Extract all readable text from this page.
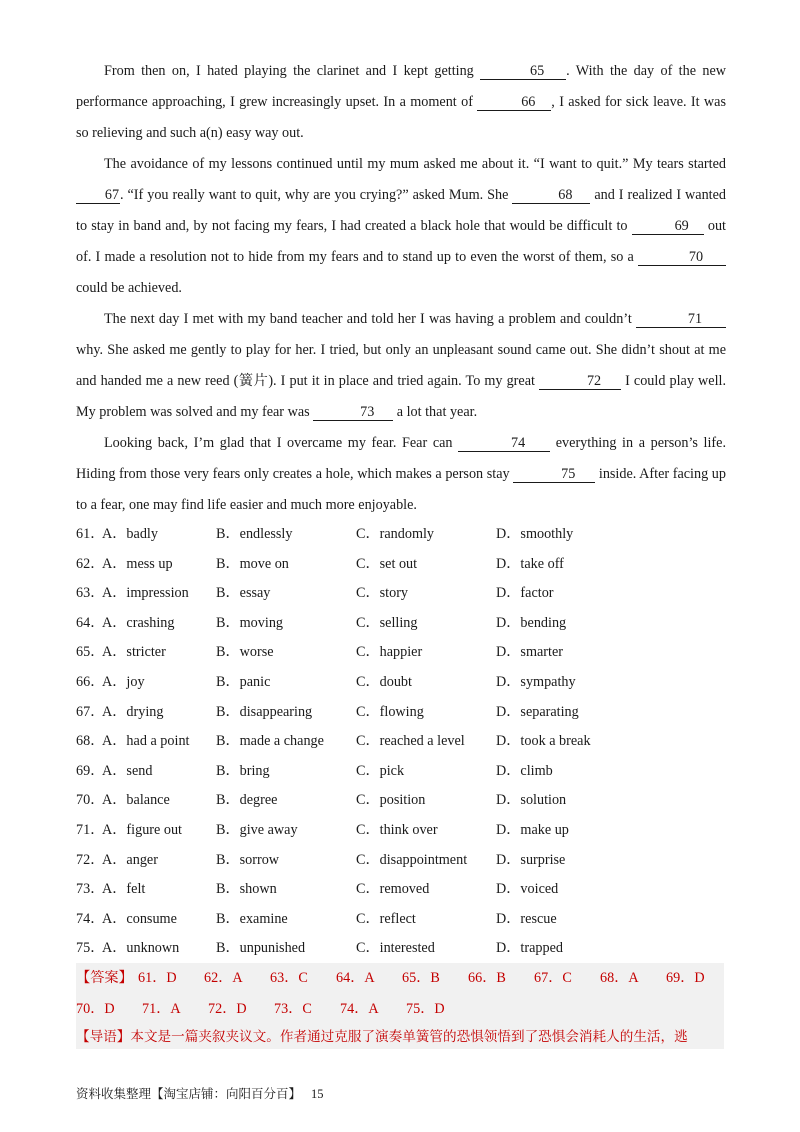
From then on, I hated playing the clarinet and I kept getting	65 . With the day of the new performance approaching, I grew increasingly upset. In a moment of	66 , I asked for sick leave. It was so relieving and such a(n) easy way out.

The avoidance of my lessons continued until my mum asked me about it. “I want to quit.” My tears started 67. “If you really want to quit, why are you crying?” asked Mum. She	68 and I realized I wanted to stay in band and, by not facing my fears, I had created a black hole that would be difficult to	69 out of. I made a resolution not to hide from my fears and to stand up to even the worst of them, so a	70 could be achieved.

The next day I met with my band teacher and told her I was having a problem and couldn’t	71 why. She asked me gently to play for her. I tried, but only an unpleasant sound came out. She didn’t shout at me and handed me a new reed (簧片). I put it in place and tried again. To my great	72 I could play well. My problem was solved and my fear was	73 a lot that year.

Looking back, I’m glad that I overcame my fear. Fear can	74 everything in a person’s life. Hiding from those very fears only creates a hole, which makes a person stay	75 inside. After facing up to a fear, one may find life easier and much more enjoyable.

61．
A．badly	B．endlessly	C．randomly	D．smoothly
62．
A．mess up	B．move on	C．set out	D．take off
63．
A．impression B．essay	C．story	D．factor
64．
A．crashing	B．moving	C．selling	D．bending
65．
A．stricter	B．worse	C．happier	D．smarter
66．
A．joy	B．panic	C．doubt	D．sympathy
67．
A．drying	B．disappearing	C．flowing	D．separating
68．
A．had a point B．made a change C．reached a level D．took a break
69．
A．send	B．bring	C．pick	D．climb
70．
A．balance	B．degree	C．position	D．solution
71．
A．figure out B．give away	C．think over	D．make up
72．
A．anger	B．sorrow	C．disappointment D．surprise
73．
A．felt	B．shown	C．removed	D．voiced
74．
A．consume	B．examine	C．reflect	D．rescue
75．
A．unknown	B．unpunished	C．interested	D．trapped
【答案】 61．D 62．A 63．C 64．A 65．B 66．B 67．C 68．A 69．D
70．D 71．A 72．D 73．C 74．A 75．D
【导语】本文是一篇夹叙夹议文。作者通过克服了演奏单簧管的恐惧领悟到了恐惧会消耗人的生活，逃
资料收集整理【淘宝店铺：向阳百分百】 15
